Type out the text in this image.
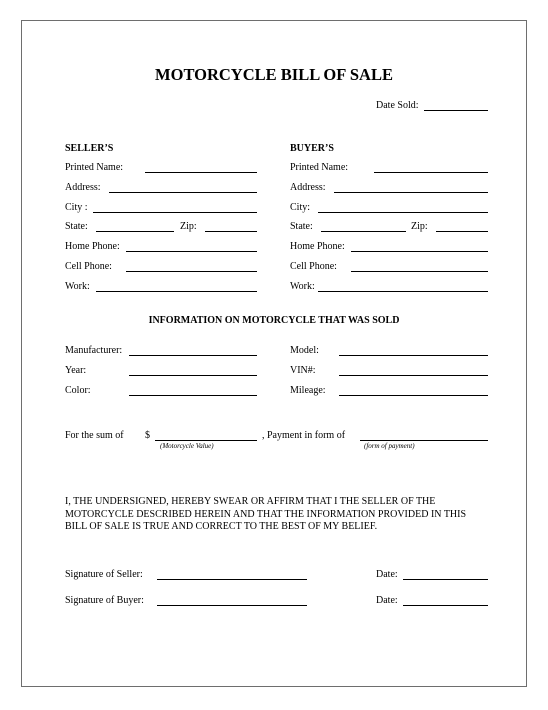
MOTORCYCLE BILL OF SALE
Date Sold:
SELLER’S
Printed Name:
Address:
City :
State:	Zip:
Home Phone:
Cell Phone:
Work:
BUYER’S
Printed Name:
Address:
City:
State:	Zip:
Home Phone:
Cell Phone:
Work:
INFORMATION ON MOTORCYCLE THAT WAS SOLD
Manufacturer:	Model:
Year:	VIN#:
Color:	Mileage:
For the sum of $
(Motorcycle Value)
, Payment in form of
(form of payment)
I, THE UNDERSIGNED, HEREBY SWEAR OR AFFIRM THAT I THE SELLER OF THE
MOTORCYCLE DESCRIBED HEREIN AND THAT THE INFORMATION PROVIDED IN THIS
BILL OF SALE IS TRUE AND CORRECT TO THE BEST OF MY BELIEF.
Signature of Seller:	Date:
Signature of Buyer:	Date:
